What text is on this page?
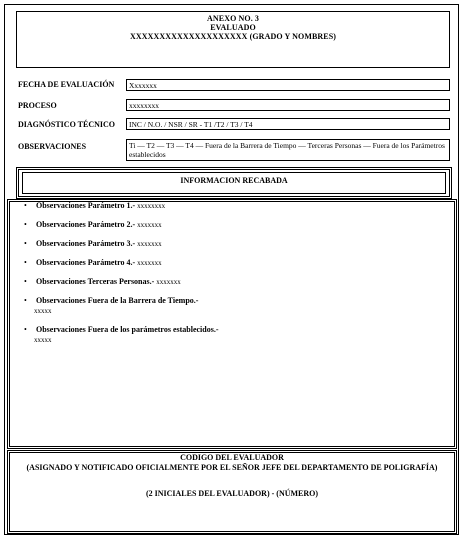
ANEXO NO. 3
EVALUADO
XXXXXXXXXXXXXXXXXXXX (GRADO Y NOMBRES)
FECHA DE EVALUACIÓN	Xxxxxxx
PROCESO	xxxxxxxx
DIAGNÓSTICO TÉCNICO	INC / N.O. / NSR / SR - T1 /T2 / T3 / T4
OBSERVACIONES	Ti — T2 — T3 — T4 — Fuera de la Barrera de Tiempo — Terceras Personas — Fuera de los Parámetros establecidos
INFORMACION RECABADA
• Observaciones Parámetro 1.- xxxxxxxx
• Observaciones Parámetro 2.- xxxxxxx
• Observaciones Parámetro 3.- xxxxxxx
• Observaciones Parámetro 4.- xxxxxxx
• Observaciones Terceras Personas.- xxxxxxx
• Observaciones Fuera de la Barrera de Tiempo.-
xxxxx
• Observaciones Fuera de los parámetros establecidos.-
xxxxx
CODIGO DEL EVALUADOR
(ASIGNADO Y NOTIFICADO OFICIALMENTE POR EL SEÑOR JEFE DEL DEPARTAMENTO DE POLIGRAFÍA)
(2 INICIALES DEL EVALUADOR) - (NÚMERO)
